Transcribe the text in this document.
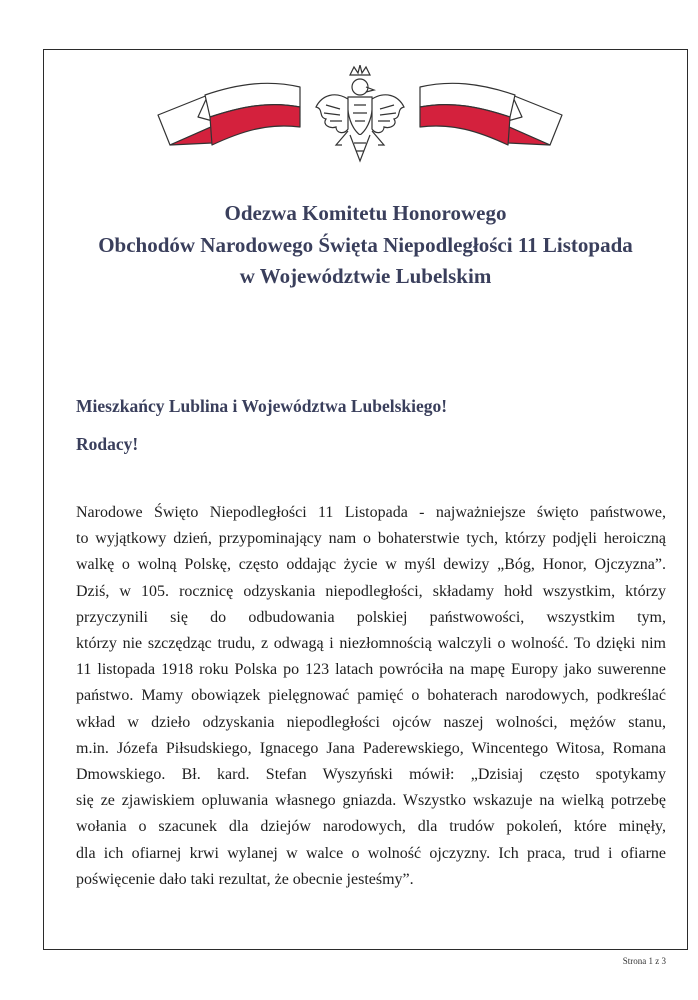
Odezwa Komitetu Honorowego
Obchodów Narodowego Święta Niepodległości 11 Listopada
w Województwie Lubelskim
Mieszkańcy Lublina i Województwa Lubelskiego!
Rodacy!
Narodowe Święto Niepodległości 11 Listopada - najważniejsze święto państwowe,
to wyjątkowy dzień, przypominający nam o bohaterstwie tych, którzy podjęli heroiczną
walkę o wolną Polskę, często oddając życie w myśl dewizy „Bóg, Honor, Ojczyzna”.
Dziś, w 105. rocznicę odzyskania niepodległości, składamy hołd wszystkim, którzy
przyczynili się do odbudowania polskiej państwowości, wszystkim tym,
którzy nie szczędząc trudu, z odwagą i niezłomnością walczyli o wolność. To dzięki nim
11 listopada 1918 roku Polska po 123 latach powróciła na mapę Europy jako suwerenne
państwo. Mamy obowiązek pielęgnować pamięć o bohaterach narodowych, podkreślać
wkład w dzieło odzyskania niepodległości ojców naszej wolności, mężów stanu,
m.in. Józefa Piłsudskiego, Ignacego Jana Paderewskiego, Wincentego Witosa, Romana
Dmowskiego. Bł. kard. Stefan Wyszyński mówił: „Dzisiaj często spotykamy
się ze zjawiskiem opluwania własnego gniazda. Wszystko wskazuje na wielką potrzebę
wołania o szacunek dla dziejów narodowych, dla trudów pokoleń, które minęły,
dla ich ofiarnej krwi wylanej w walce o wolność ojczyzny. Ich praca, trud i ofiarne
poświęcenie dało taki rezultat, że obecnie jesteśmy”.
Strona 1 z 3
